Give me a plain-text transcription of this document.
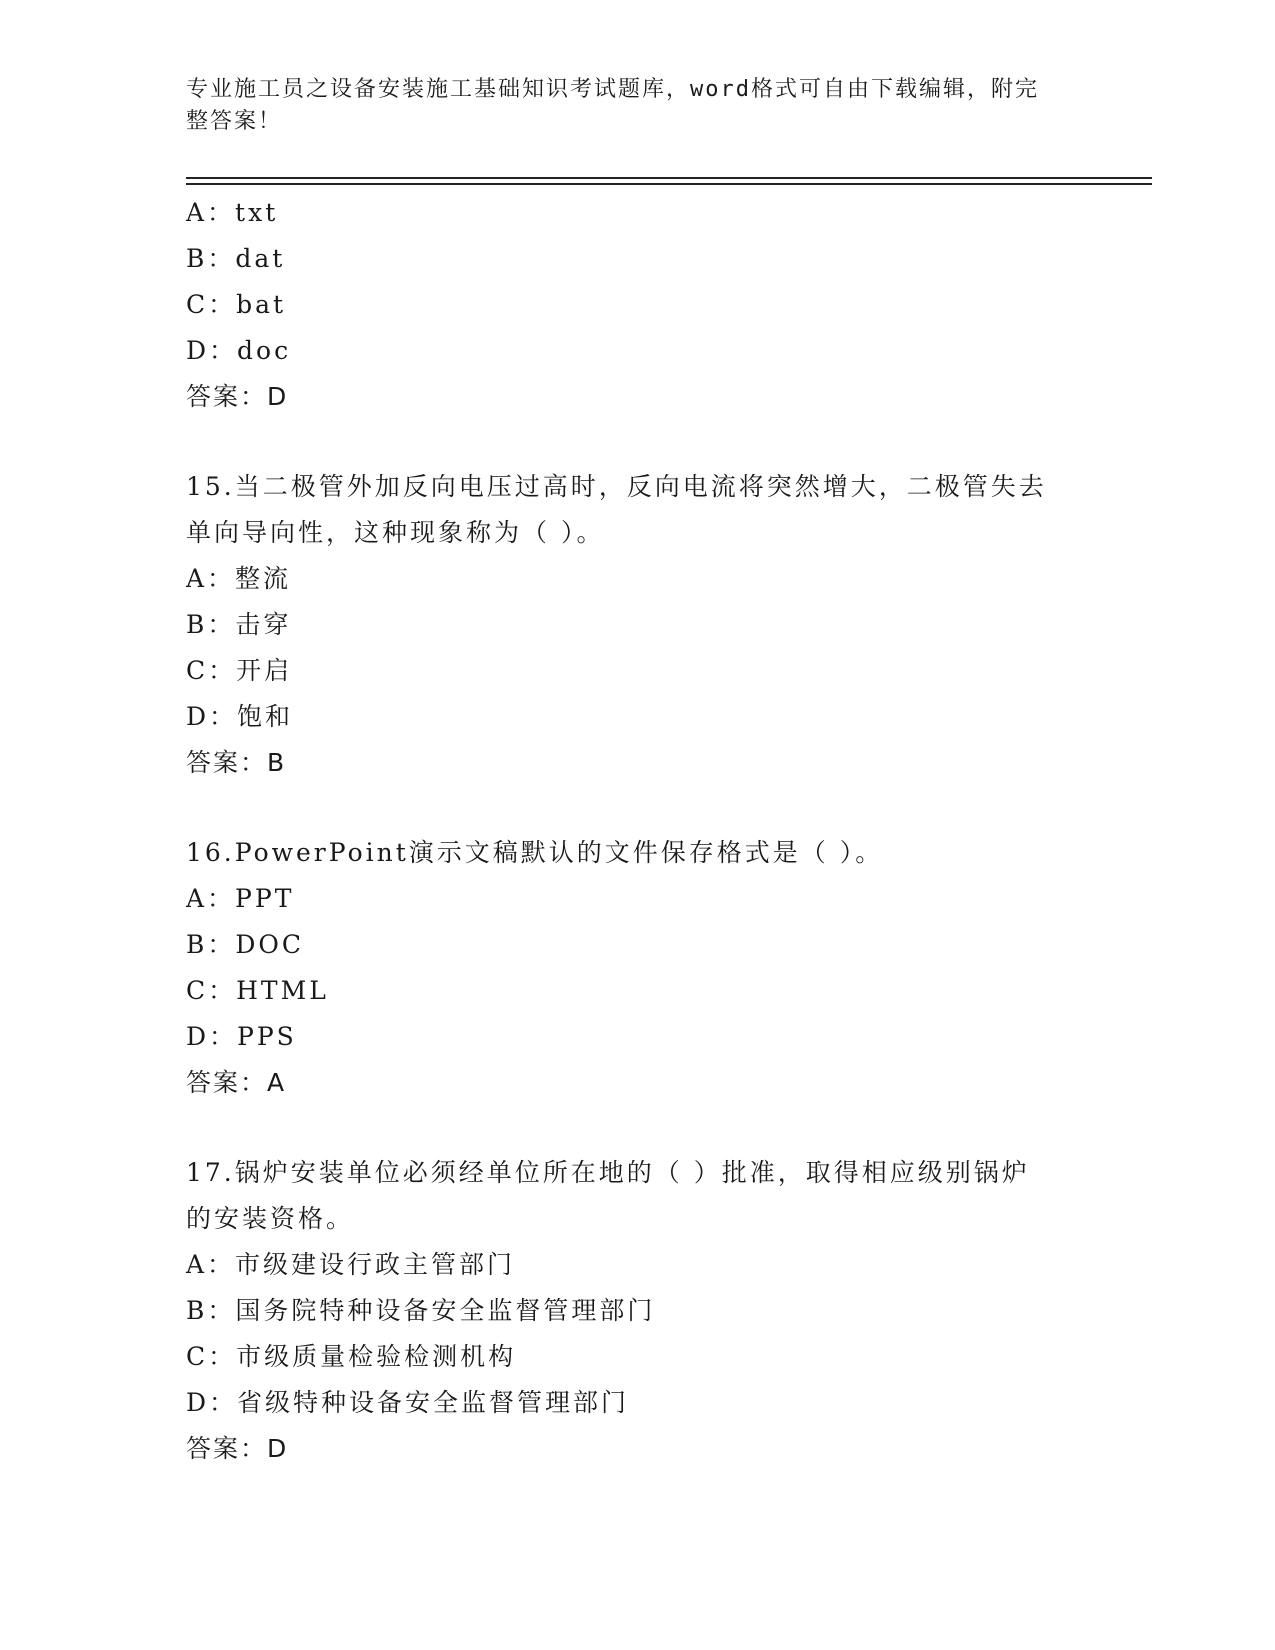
专业施工员之设备安装施工基础知识考试题库，word格式可自由下载编辑，附完
整答案！
A：txt
B：dat
C：bat
D：doc
答案：D
15.当二极管外加反向电压过高时，反向电流将突然增大，二极管失去
单向导向性，这种现象称为（ ）。
A：整流
B：击穿
C：开启
D：饱和
答案：B
16.PowerPoint演示文稿默认的文件保存格式是（ ）。
A：PPT
B：DOC
C：HTML
D：PPS
答案：A
17.锅炉安装单位必须经单位所在地的（ ）批准，取得相应级别锅炉
的安装资格。
A：市级建设行政主管部门
B：国务院特种设备安全监督管理部门
C：市级质量检验检测机构
D：省级特种设备安全监督管理部门
答案：D
